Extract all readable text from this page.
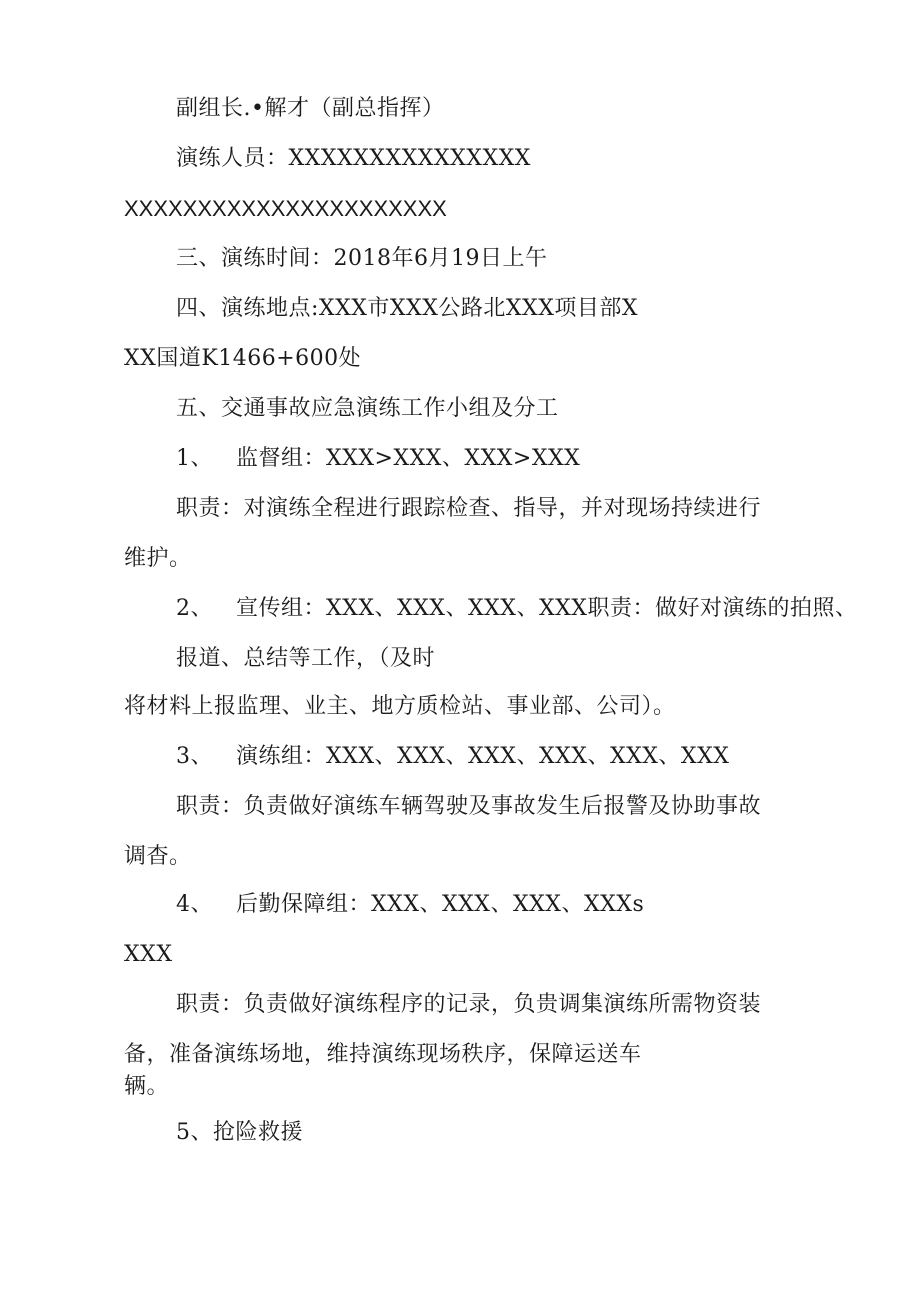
副组长.•解才（副总指挥）
演练人员：XXXXXXXXXXXXXXX
XXXXXXXXXXXXXXXXXXXXXX
三、演练时间：2018年6月19日上午
四、演练地点:XXX市XXX公路北XXX项目部X
XX国道K1466+600处
五、交通事故应急演练工作小组及分工
1、 监督组：XXX>XXX、XXX>XXX
职责：对演练全程进行跟踪检查、指导，并对现场持续进行
维护。
2、 宣传组：XXX、XXX、XXX、XXX职责：做好对演练的拍照、
报道、总结等工作，（及时
将材料上报监理、业主、地方质检站、事业部、公司）。
3、 演练组：XXX、XXX、XXX、XXX、XXX、XXX
职责：负责做好演练车辆驾驶及事故发生后报警及协助事故
调杳。
4、 后勤保障组：XXX、XXX、XXX、XXXs
XXX
职责：负责做好演练程序的记录，负贵调集演练所需物资装
备，准备演练场地，维持演练现场秩序，保障运送车
辆。
5、抢险救援
